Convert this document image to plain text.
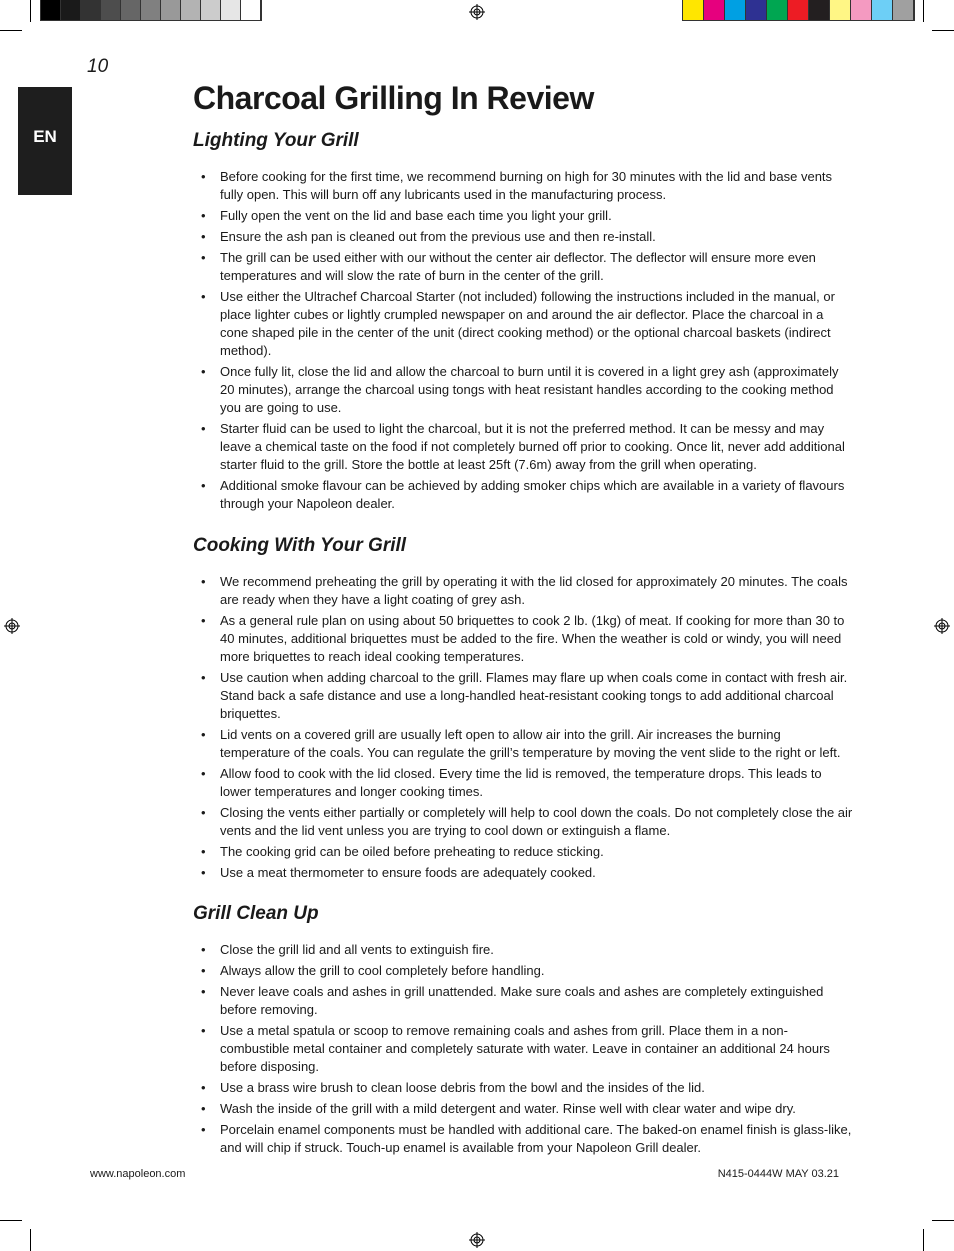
10
EN
Charcoal Grilling In Review
Lighting Your Grill
• Before cooking for the first time, we recommend burning on high for 30 minutes with the lid and base vents fully open. This will burn off any lubricants used in the manufacturing process.
• Fully open the vent on the lid and base each time you light your grill.
• Ensure the ash pan is cleaned out from the previous use and then re-install.
• The grill can be used either with our without the center air deflector. The deflector will ensure more even temperatures and will slow the rate of burn in the center of the grill.
• Use either the Ultrachef Charcoal Starter (not included) following the instructions included in the manual, or place lighter cubes or lightly crumpled newspaper on and around the air deflector. Place the charcoal in a cone shaped pile in the center of the unit (direct cooking method) or the optional charcoal baskets (indirect method).
• Once fully lit, close the lid and allow the charcoal to burn until it is covered in a light grey ash (approximately 20 minutes), arrange the charcoal using tongs with heat resistant handles according to the cooking method you are going to use.
• Starter fluid can be used to light the charcoal, but it is not the preferred method. It can be messy and may leave a chemical taste on the food if not completely burned off prior to cooking. Once lit, never add additional starter fluid to the grill. Store the bottle at least 25ft (7.6m) away from the grill when operating.
• Additional smoke flavour can be achieved by adding smoker chips which are available in a variety of flavours through your Napoleon dealer.
Cooking With Your Grill
• We recommend preheating the grill by operating it with the lid closed for approximately 20 minutes. The coals are ready when they have a light coating of grey ash.
• As a general rule plan on using about 50 briquettes to cook 2 lb. (1kg) of meat. If cooking for more than 30 to 40 minutes, additional briquettes must be added to the fire. When the weather is cold or windy, you will need more briquettes to reach ideal cooking temperatures.
• Use caution when adding charcoal to the grill. Flames may flare up when coals come in contact with fresh air. Stand back a safe distance and use a long-handled heat-resistant cooking tongs to add additional charcoal briquettes.
• Lid vents on a covered grill are usually left open to allow air into the grill. Air increases the burning temperature of the coals. You can regulate the grill’s temperature by moving the vent slide to the right or left.
• Allow food to cook with the lid closed. Every time the lid is removed, the temperature drops. This leads to lower temperatures and longer cooking times.
• Closing the vents either partially or completely will help to cool down the coals. Do not completely close the air vents and the lid vent unless you are trying to cool down or extinguish a flame.
• The cooking grid can be oiled before preheating to reduce sticking.
• Use a meat thermometer to ensure foods are adequately cooked.
Grill Clean Up
• Close the grill lid and all vents to extinguish fire.
• Always allow the grill to cool completely before handling.
• Never leave coals and ashes in grill unattended. Make sure coals and ashes are completely extinguished before removing.
• Use a metal spatula or scoop to remove remaining coals and ashes from grill. Place them in a non-combustible metal container and completely saturate with water. Leave in container an additional 24 hours before disposing.
• Use a brass wire brush to clean loose debris from the bowl and the insides of the lid.
• Wash the inside of the grill with a mild detergent and water. Rinse well with clear water and wipe dry.
• Porcelain enamel components must be handled with additional care. The baked-on enamel finish is glass-like, and will chip if struck. Touch-up enamel is available from your Napoleon Grill dealer.
www.napoleon.com	N415-0444W MAY 03.21
